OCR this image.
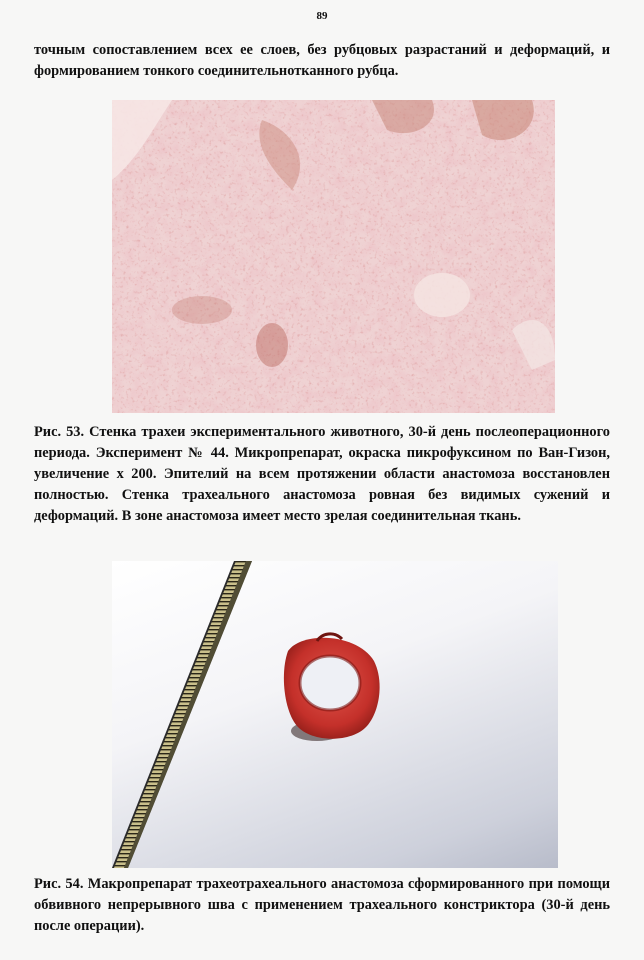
89

точным сопоставлением всех ее слоев, без рубцовых разрастаний и деформаций, и формированием тонкого соединительнотканного рубца.

Рис. 53. Стенка трахеи экспериментального животного, 30-й день послеоперационного периода. Эксперимент № 44. Микропрепарат, окраска пикрофуксином по Ван-Гизон, увеличение x 200. Эпителий на всем протяжении области анастомоза восстановлен полностью. Стенка трахеального анастомоза ровная без видимых сужений и деформаций. В зоне анастомоза имеет место зрелая соединительная ткань.

Рис. 54. Макропрепарат трахеотрахеального анастомоза сформированного при помощи обвивного непрерывного шва с применением трахеального констриктора (30-й день после операции).
